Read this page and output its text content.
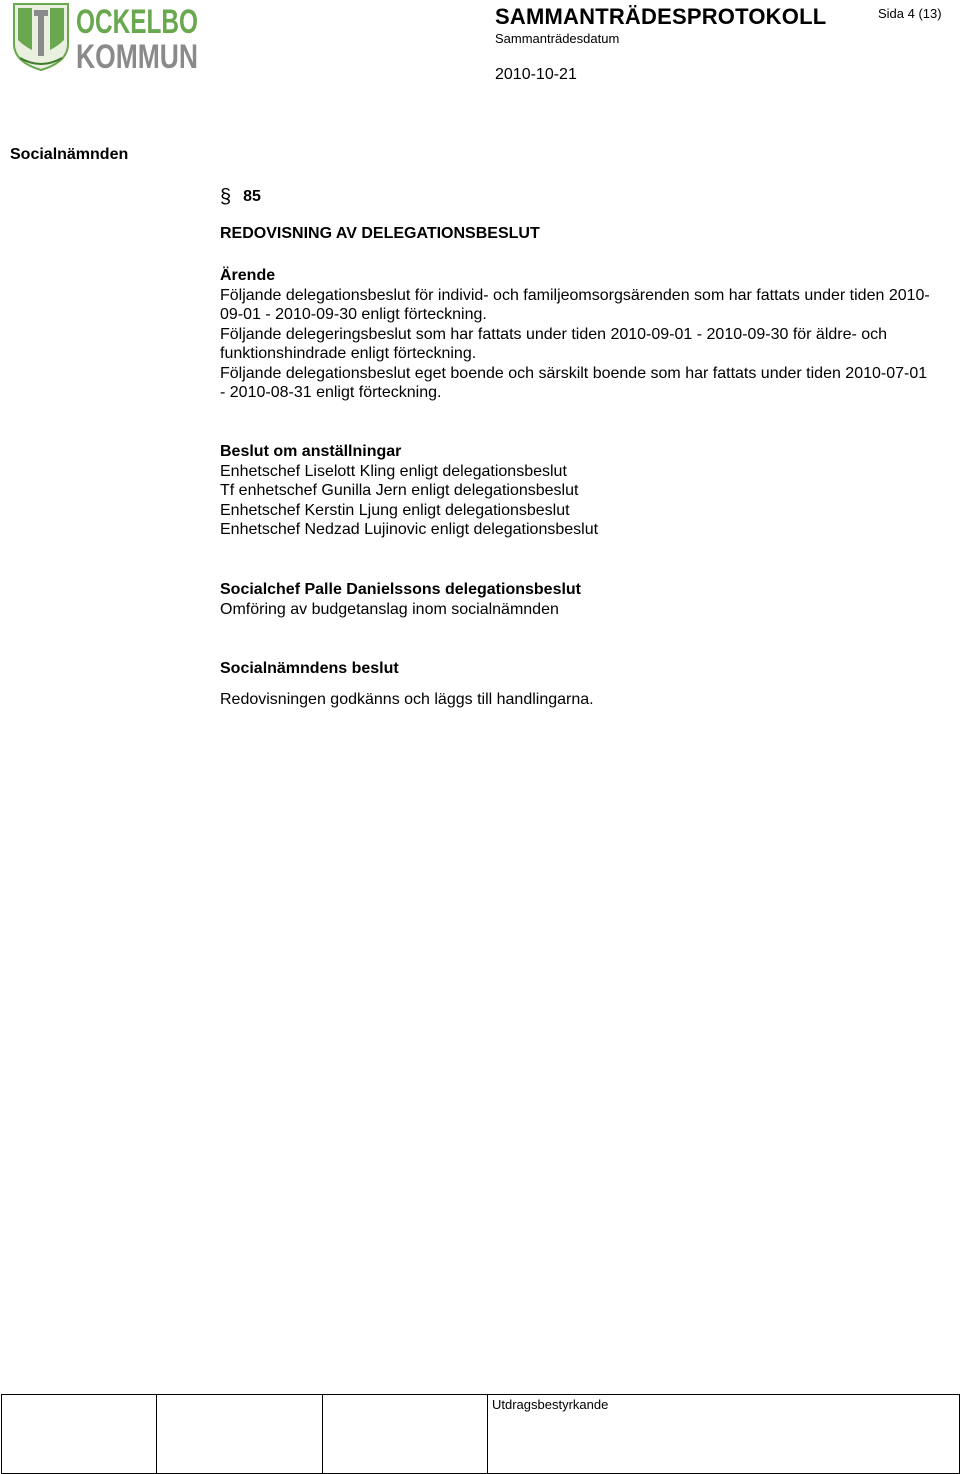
OCKELBO
KOMMUN
SAMMANTRÄDESPROTOKOLL	Sida 4 (13)
Sammanträdesdatum
2010-10-21
Socialnämnden
§ 85
REDOVISNING AV DELEGATIONSBESLUT

Ärende

Följande delegationsbeslut för individ- och familjeomsorgsärenden som har fattats under tiden 2010-09-01 - 2010-09-30 enligt förteckning.

Följande delegeringsbeslut som har fattats under tiden 2010-09-01 - 2010-09-30 för äldre- och funktionshindrade enligt förteckning.

Följande delegationsbeslut eget boende och särskilt boende som har fattats under tiden 2010-07-01 - 2010-08-31 enligt förteckning.

Beslut om anställningar

Enhetschef Liselott Kling enligt delegationsbeslut

Tf enhetschef Gunilla Jern enligt delegationsbeslut

Enhetschef Kerstin Ljung enligt delegationsbeslut

Enhetschef Nedzad Lujinovic enligt delegationsbeslut

Socialchef Palle Danielssons delegationsbeslut

Omföring av budgetanslag inom socialnämnden

Socialnämndens beslut
Redovisningen godkänns och läggs till handlingarna.

Utdragsbestyrkande
